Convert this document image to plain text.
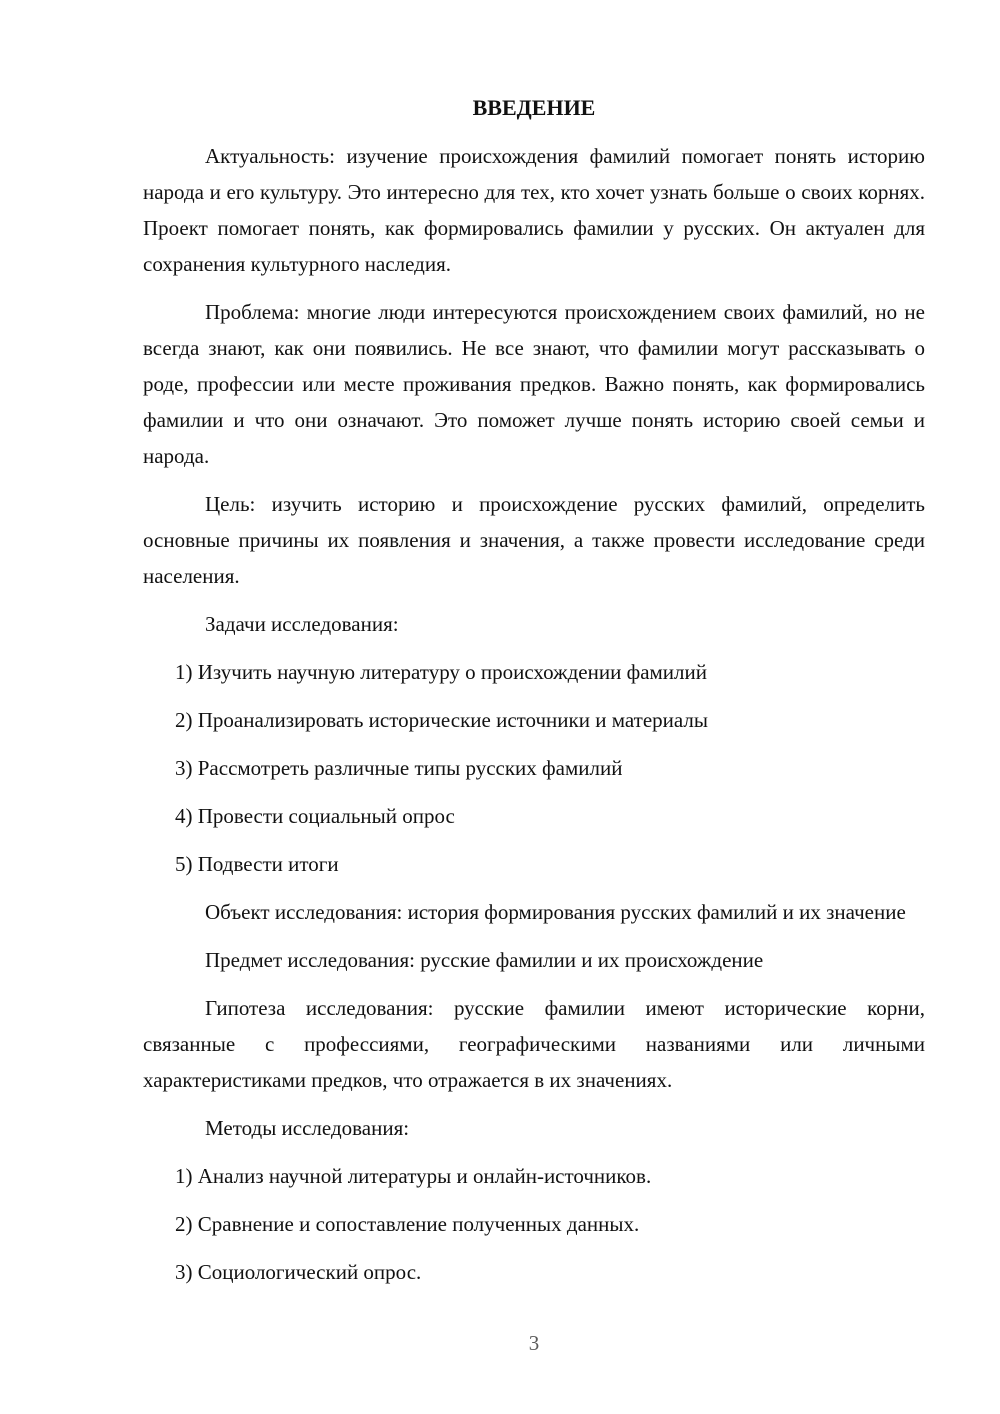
ВВЕДЕНИЕ

Актуальность: изучение происхождения фамилий помогает понять историю народа и его культуру. Это интересно для тех, кто хочет узнать больше о своих корнях. Проект помогает понять, как формировались фамилии у русских. Он актуален для сохранения культурного наследия.

Проблема: многие люди интересуются происхождением своих фамилий, но не всегда знают, как они появились. Не все знают, что фамилии могут рассказывать о роде, профессии или месте проживания предков. Важно понять, как формировались фамилии и что они означают. Это поможет лучше понять историю своей семьи и народа.

Цель: изучить историю и происхождение русских фамилий, определить основные причины их появления и значения, а также провести исследование среди населения.

Задачи исследования:

1) Изучить научную литературу о происхождении фамилий

2) Проанализировать исторические источники и материалы

3) Рассмотреть различные типы русских фамилий

4) Провести социальный опрос

5) Подвести итоги

Объект исследования: история формирования русских фамилий и их значение

Предмет исследования: русские фамилии и их происхождение

Гипотеза исследования: русские фамилии имеют исторические корни, связанные с профессиями, географическими названиями или личными характеристиками предков, что отражается в их значениях.

Методы исследования:

1) Анализ научной литературы и онлайн-источников.

2) Сравнение и сопоставление полученных данных.

3) Социологический опрос.

3
